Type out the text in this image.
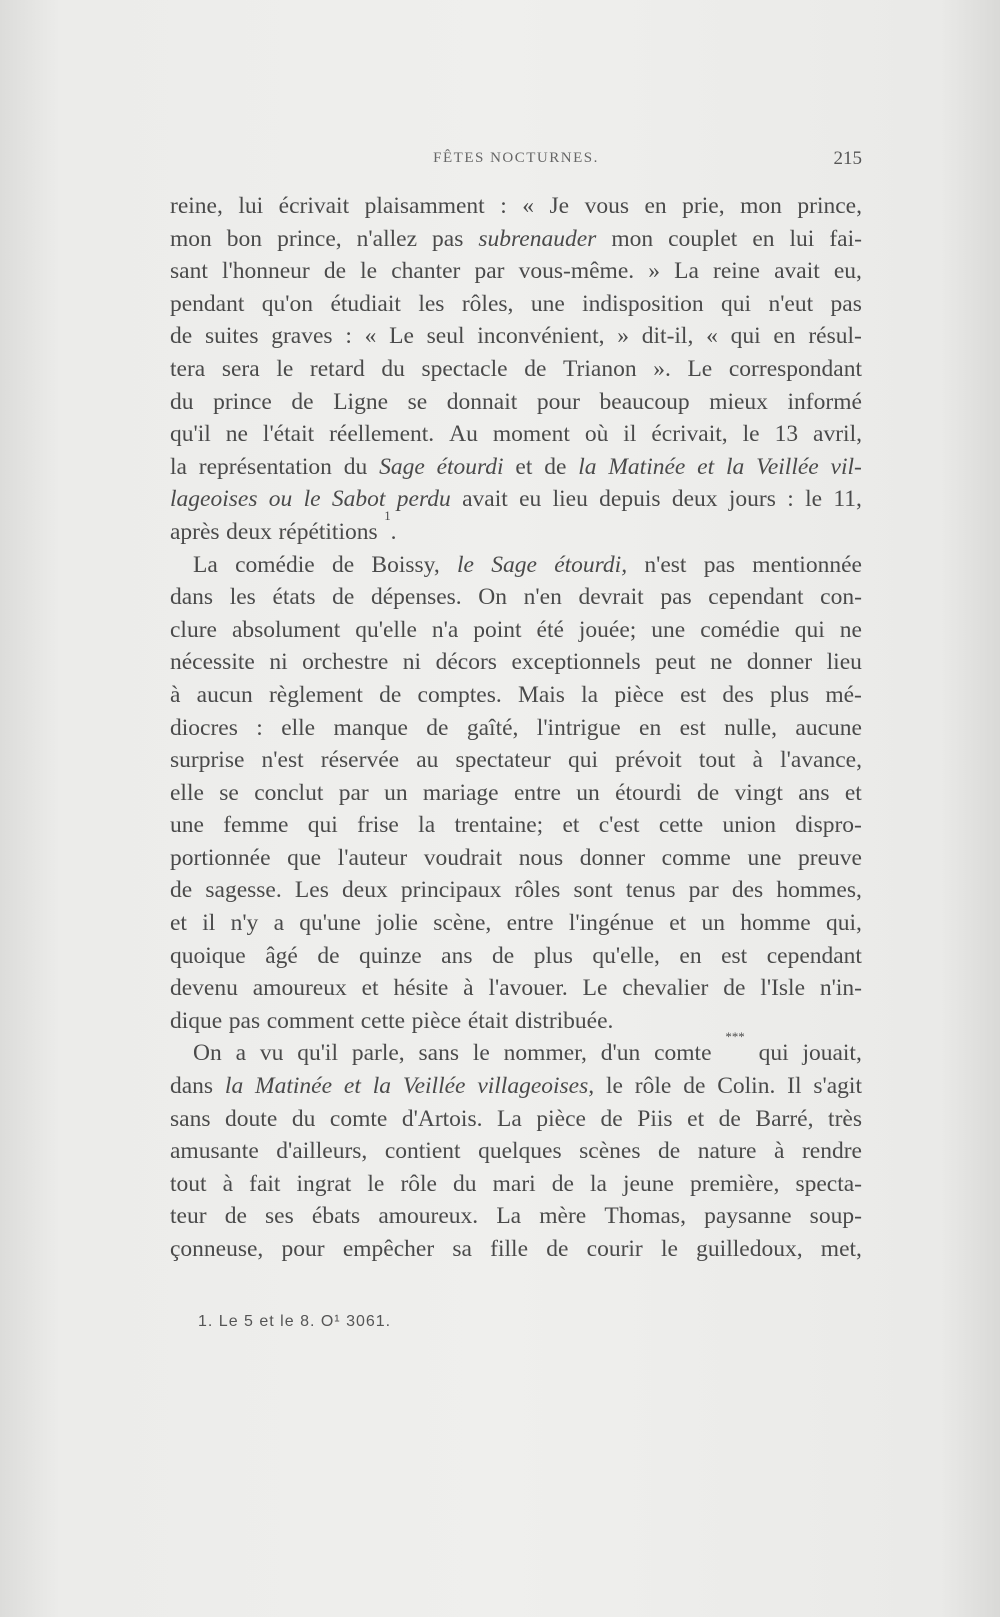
FÊTES NOCTURNES.	215
reine, lui écrivait plaisamment : « Je vous en prie, mon prince,
mon bon prince, n'allez pas subrenauder mon couplet en lui fai-
sant l'honneur de le chanter par vous-même. » La reine avait eu,
pendant qu'on étudiait les rôles, une indisposition qui n'eut pas
de suites graves : « Le seul inconvénient, » dit-il, « qui en résul-
tera sera le retard du spectacle de Trianon ». Le correspondant
du prince de Ligne se donnait pour beaucoup mieux informé
qu'il ne l'était réellement. Au moment où il écrivait, le 13 avril,
la représentation du Sage étourdi et de la Matinée et la Veillée vil-
lageoises ou le Sabot perdu avait eu lieu depuis deux jours : le 11,
après deux répétitions
1
.
La comédie de Boissy, le Sage étourdi, n'est pas mentionnée
dans les états de dépenses. On n'en devrait pas cependant con-
clure absolument qu'elle n'a point été jouée; une comédie qui ne
nécessite ni orchestre ni décors exceptionnels peut ne donner lieu
à aucun règlement de comptes. Mais la pièce est des plus mé-
diocres : elle manque de gaîté, l'intrigue en est nulle, aucune
surprise n'est réservée au spectateur qui prévoit tout à l'avance,
elle se conclut par un mariage entre un étourdi de vingt ans et
une femme qui frise la trentaine; et c'est cette union dispro-
portionnée que l'auteur voudrait nous donner comme une preuve
de sagesse. Les deux principaux rôles sont tenus par des hommes,
et il n'y a qu'une jolie scène, entre l'ingénue et un homme qui,
quoique âgé de quinze ans de plus qu'elle, en est cependant
devenu amoureux et hésite à l'avouer. Le chevalier de l'Isle n'in-
dique pas comment cette pièce était distribuée.
On a vu qu'il parle, sans le nommer, d'un comte
***
qui jouait,
dans la Matinée et la Veillée villageoises, le rôle de Colin. Il s'agit
sans doute du comte d'Artois. La pièce de Piis et de Barré, très
amusante d'ailleurs, contient quelques scènes de nature à rendre
tout à fait ingrat le rôle du mari de la jeune première, specta-
teur de ses ébats amoureux. La mère Thomas, paysanne soup-
çonneuse, pour empêcher sa fille de courir le guilledoux, met,
1. Le 5 et le 8. O¹ 3061.
